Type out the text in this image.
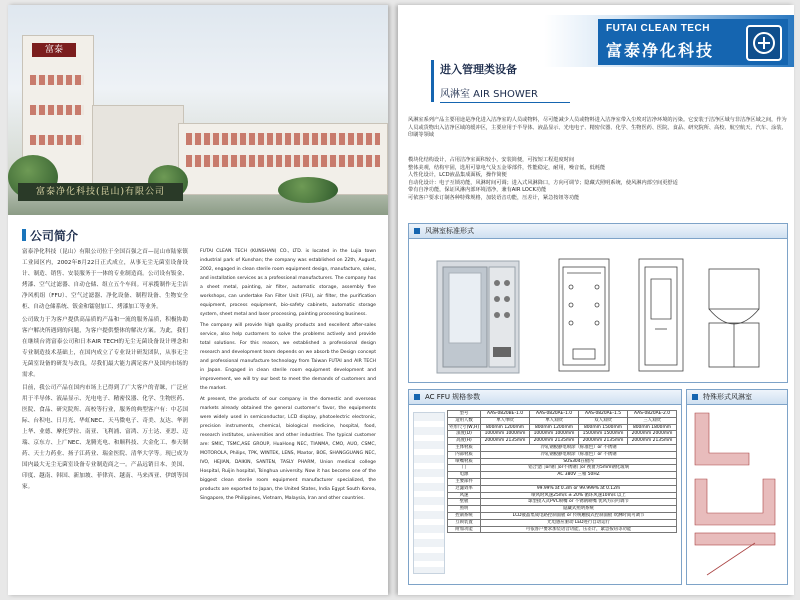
富泰
富泰净化科技(昆山)有限公司
公司简介

富泰净化科技（昆山）有限公司位于全国百强之首—昆山市陆家镇工业园区内，2002年8月22日正式成立，从事无尘无菌室设备设计、制造、销售、安装服务于一体的专业制造商。公司设有钣金、烤漆、空气过滤器、自动仓储、组立五个车间。可承揽制作无尘洁净风机组（FFU）、空气过滤器、净化设备、制程设备、生物安全柜、自动仓储系统、钣金和镭射加工、烤漆加工等业务。

公司致力于为客户提供高品质的产品和一流的服务品质，积极协助客户解决所遇到的问题，为客户提供整体的解决方案。为此，我们在继续台湾富泰公司和日本AIR TECH的无尘无菌设备设计理念和专业制造技术基础上，在国内成立了专业设计研发团队，从事无尘无菌室设备的研发与改良，尽我们最大能力满足客户及国内市场的需求。

目前，我公司产品在国内市场上已得到了广大客户的青睐，广泛应用于半导体、液晶显示、光电电子、精密仪器、化学、生物医药、医院、食品、研究院所、高校等行业，服务的典型客户有：中芯国际、台积电、日月光、华虹NEC、天马微电子、奇美、友达、华润上华、业德、摩托罗拉、南亚、飞利浦、富鸿、万士达、亚思、迈瑞、京东方、上广NEC、龙腾光电、和顺科技、大金化工、参天制药、天士力药业、扬子江药业、瑞金医院、清华大学等。现已成为国内最大无尘无菌室设备专业制造商之一。产品远销日本、美国、印度、越南、韩国、新加坡、菲律宾、越南、马来西亚、伊朗等国家。

FUTAI CLEAN TECH (KUNSHAN) CO., LTD. is located in the Lujia town industrial park of Kunshan; the company was established on 22th, August, 2002, engaged in clean sterile room equipment design, manufacture, sales, and installation services as a professional manufacturers. The company has a sheet metal, painting, air filter, automatic storage, assembly five workshops, can undertake Fan Filter Unit (FFU), air filter, the purification equipment, process equipment, bio-safety cabinets, automatic storage system, sheet metal and laser processing, painting processing business.

The company will provide high quality products and excellent after-sales service, also help customers to solve the problems actively and provide total solutions. For this reason, we established a professional design research and development team depends on we absorb the Design concept and professional manufacture technology from Taiwan FUTAI and AIR TECH in Japan. Engaged in clean sterile room equipment development and improvement, we will try our best to meet the demands of customers and the market.

At present, the products of our company in the domestic and overseas markets already obtained the general customer's favor, the equipments were widely used in semiconductor, LCD display, photoelectric electronic, precision instruments, chemical, biological medicine, hospital, food, research institutes, universities and other industries. The typical customer are: SMIC, TSMC,ASE GROUP, HuaHong NEC, TIANMA, CMO, AUO, CSMC, MOTOROLA, Philips, TPK, WINTEK, LENS, Maxtor, BOE, SHANGGUANG NEC, IVO, HEJIAN, DAIKIN, SANTEN, TASLY PHARM, Union medical college Hospital, Ruijin hospital, Tsinghua university. Now it has become one of the biggest clean sterile room equipment manufacturer specialized, the products are exported to Japan, the United States, India Egypt South Korea, Singapore, the Philippines, Vietnam, Malaysia, Iran and other countries.

FUTAI CLEAN TECH
富泰净化科技
进入管理类设备
风淋室 AIR SHOWER

风淋室系列产品主要用途是净化进入洁净室的人员或物料，尽可能减少人员或物料进入洁净室带入尘埃对洁净环境的污染。它安装于洁净区域与非洁净区域之间，作为人员或货物出入洁净区域的缓冲区，主要应用于半导体、液晶显示、光电电子、精密仪器、化学、生物医药、医院、食品、研究院所、高校、航空航天、汽车、涂装、印刷等领域

模块化结构设计，占用洁净室面积较小，安装简便，可按短工程进度时间

整体美观，结构牢固，选用可靠电气及五金零部件，性能稳定，耐用，噪音低，低耗能

人性化设计，LCD液晶集成面板，操作简便

自动化设计：电子互锁功能，风淋时间可调；进入式风淋降口，方向可调节；隐藏式照明系统，使风淋内部空间更舒适

带有自净功能，保证风淋内部环境清净，兼有AIR LOCK功能

可依客户要求订制各种特殊规格，加装语音功能，压差计，紧急按钮等功能

风淋室标准形式
AC FFU 规格参数
型号	AAS-0820BE-1.0	AAS-0820AE-1.0	AAS-0820AE-1.5	AAS-0820AE-2.0
适用人数	单人单吹	单人双吹	双人双吹	三人双吹
外形尺寸(W,H)	800mm 1200mm	800mm 1200mm	800mm 1500mm	800mm 1800mm
深度(D)	1000mm 1000mm	1000mm 1000mm	1500mm 1500mm	2000mm 2000mm
高度(H)	2000mm 2135mm	2000mm 2135mm	2000mm 2135mm	2000mm 2135mm
主体材质	冷轧钢板静电喷涂（标准色）or 不锈钢			
内部材质	冷轧钢板静电喷涂（标准色）or 不锈钢			
喷嘴材质	SUS304在板内			
门	铝合金门or钢门or不锈钢门or 视窗为5mm钢化玻璃			
电源	AC 380V 三相 50HZ			
主要部件				
过滤效率	99.99% at 0.3m or 99.999% at 0.12m			
风速	喷风时风速25m/s ± 20% 循环风速10m/s 以上			
壁板	球型接入式PVC喷嘴 or 不锈钢喷嘴 优风方向可调节			
照明	隐藏式照明系统			
控制系统	LCD液晶集成电路控制面板 or 传统触摸式控制面板 吹淋时间可调节			
互锁装置	光电感应驱动 LED进行自动运行			
附加功能	可依客户要求加装语音功能，压差计，紧急按钮等功能			
特殊形式风淋室
